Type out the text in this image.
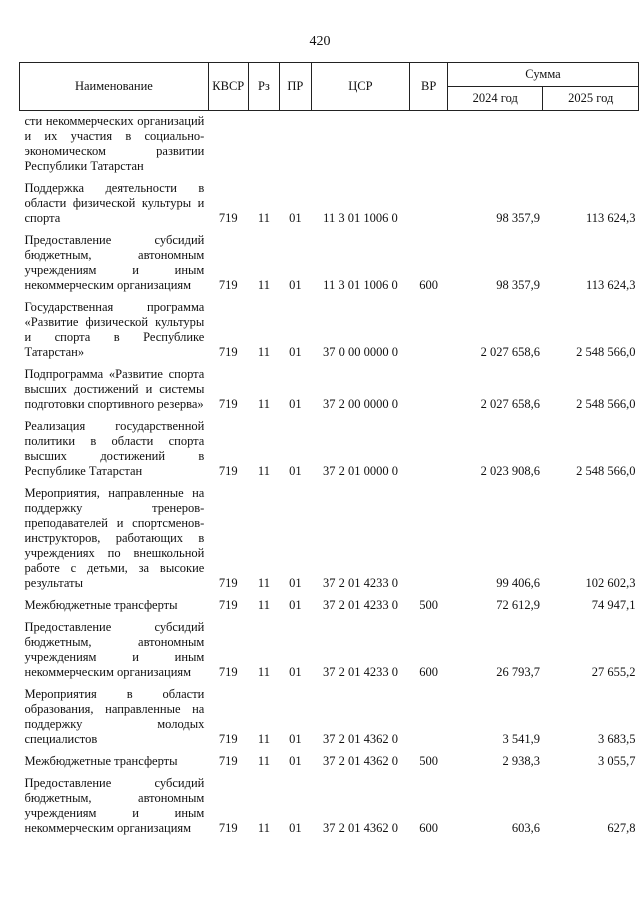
420
Наименование	КВСР	Рз	ПР	ЦСР	ВР	Сумма	
						2024 год	2025 год
сти некоммерческих организаций и их участия в социально-экономическом развитии Республики Татарстан							
Поддержка деятельности в области физической культуры и спорта	719	11	01	11 3 01 1006 0		98 357,9	113 624,3
Предоставление субсидий бюджетным, автономным учреждениям и иным некоммерческим организациям	719	11	01	11 3 01 1006 0	600	98 357,9	113 624,3
Государственная программа «Развитие физической культуры и спорта в Республике Татарстан»	719	11	01	37 0 00 0000 0		2 027 658,6	2 548 566,0
Подпрограмма «Развитие спорта высших достижений и системы подготовки спортивного резерва»	719	11	01	37 2 00 0000 0		2 027 658,6	2 548 566,0
Реализация государственной политики в области спорта высших достижений в Республике Татарстан	719	11	01	37 2 01 0000 0		2 023 908,6	2 548 566,0
Мероприятия, направленные на поддержку тренеров-преподавателей и спортсменов-инструкторов, работающих в учреждениях по внешкольной работе с детьми, за высокие результаты	719	11	01	37 2 01 4233 0		99 406,6	102 602,3
Межбюджетные трансферты	719	11	01	37 2 01 4233 0	500	72 612,9	74 947,1
Предоставление субсидий бюджетным, автономным учреждениям и иным некоммерческим организациям	719	11	01	37 2 01 4233 0	600	26 793,7	27 655,2
Мероприятия в области образования, направленные на поддержку молодых специалистов	719	11	01	37 2 01 4362 0		3 541,9	3 683,5
Межбюджетные трансферты	719	11	01	37 2 01 4362 0	500	2 938,3	3 055,7
Предоставление субсидий бюджетным, автономным учреждениям и иным некоммерческим организациям	719	11	01	37 2 01 4362 0	600	603,6	627,8
